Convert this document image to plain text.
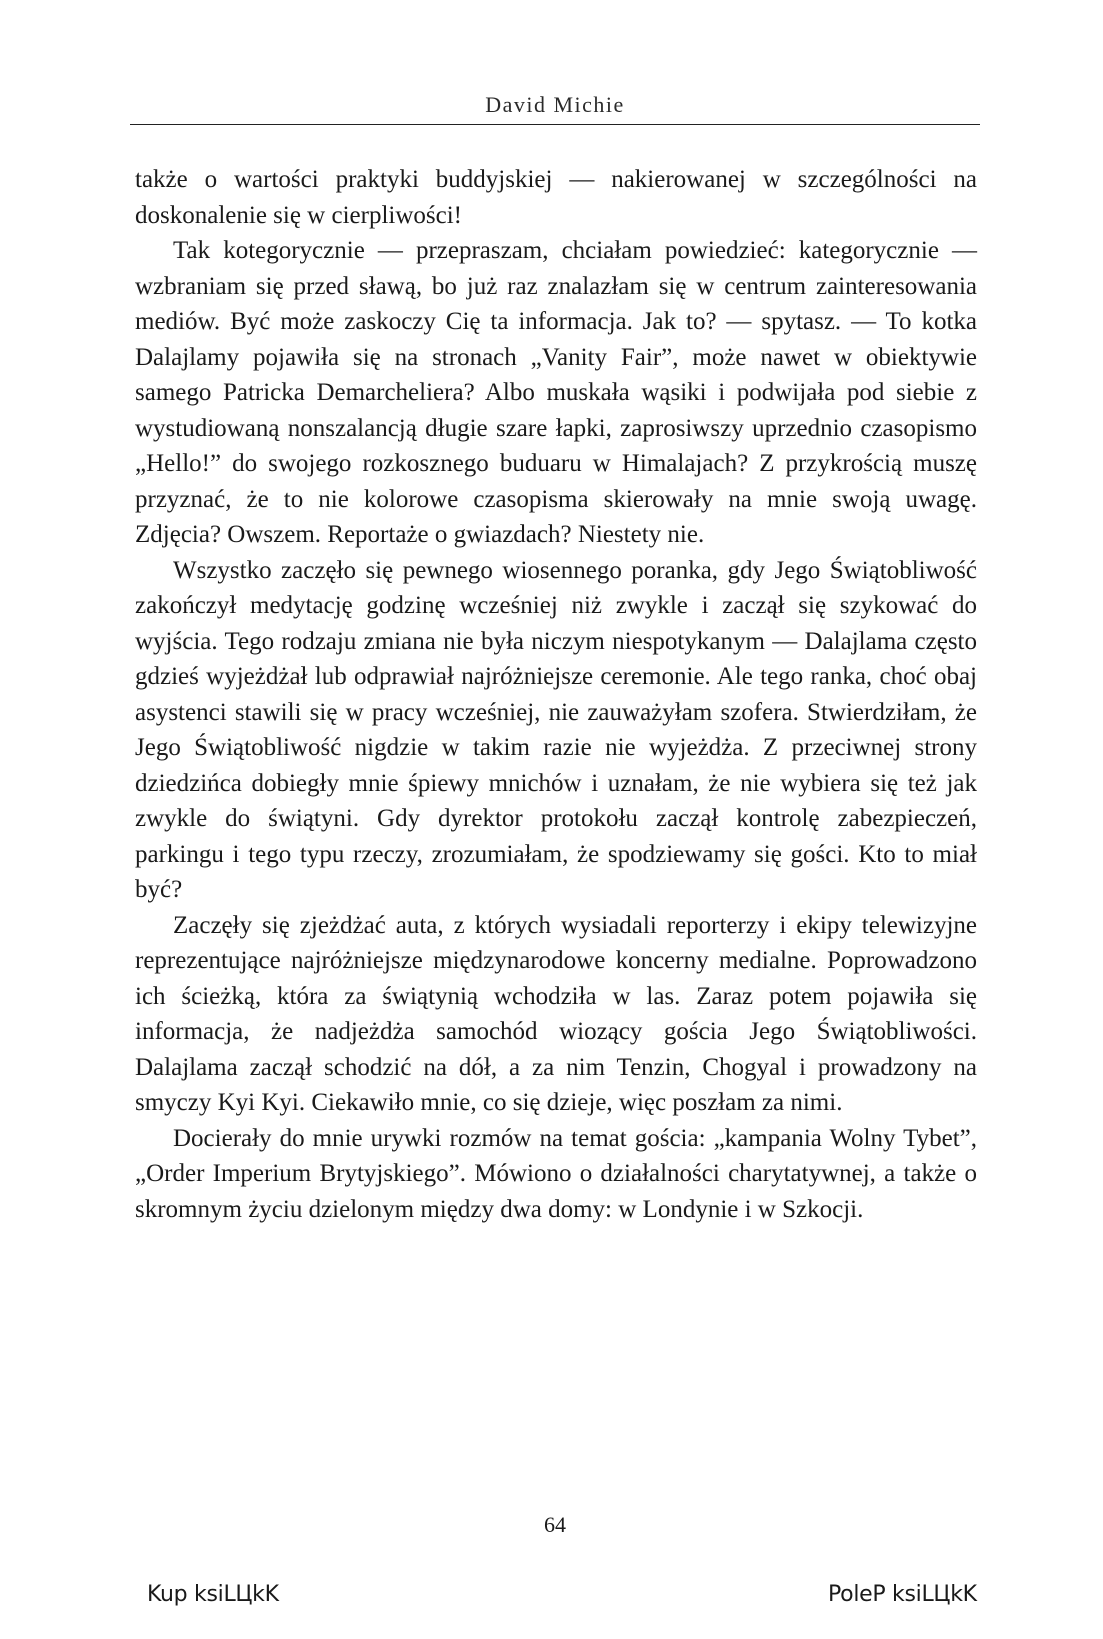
David Michie

także o wartości praktyki buddyjskiej — nakierowanej w szczególności na doskonalenie się w cierpliwości!

Tak kotegorycznie — przepraszam, chciałam powiedzieć: kategorycznie — wzbraniam się przed sławą, bo już raz znalazłam się w centrum zainteresowania mediów. Być może zaskoczy Cię ta informacja. Jak to? — spytasz. — To kotka Dalajlamy pojawiła się na stronach „Vanity Fair”, może nawet w obiektywie samego Patricka Demarcheliera? Albo muskała wąsiki i podwijała pod siebie z wystudiowaną nonszalancją długie szare łapki, zaprosiwszy uprzednio czasopismo „Hello!” do swojego rozkosznego buduaru w Himalajach? Z przykrością muszę przyznać, że to nie kolorowe czasopisma skierowały na mnie swoją uwagę. Zdjęcia? Owszem. Reportaże o gwiazdach? Niestety nie.

Wszystko zaczęło się pewnego wiosennego poranka, gdy Jego Świątobliwość zakończył medytację godzinę wcześniej niż zwykle i zaczął się szykować do wyjścia. Tego rodzaju zmiana nie była niczym niespotykanym — Dalajlama często gdzieś wyjeżdżał lub odprawiał najróżniejsze ceremonie. Ale tego ranka, choć obaj asystenci stawili się w pracy wcześniej, nie zauważyłam szofera. Stwierdziłam, że Jego Świątobliwość nigdzie w takim razie nie wyjeżdża. Z przeciwnej strony dziedzińca dobiegły mnie śpiewy mnichów i uznałam, że nie wybiera się też jak zwykle do świątyni. Gdy dyrektor protokołu zaczął kontrolę zabezpieczeń, parkingu i tego typu rzeczy, zrozumiałam, że spodziewamy się gości. Kto to miał być?

Zaczęły się zjeżdżać auta, z których wysiadali reporterzy i ekipy telewizyjne reprezentujące najróżniejsze międzynarodowe koncerny medialne. Poprowadzono ich ścieżką, która za świątynią wchodziła w las. Zaraz potem pojawiła się informacja, że nadjeżdża samochód wiozący gościa Jego Świątobliwości. Dalajlama zaczął schodzić na dół, a za nim Tenzin, Chogyal i prowadzony na smyczy Kyi Kyi. Ciekawiło mnie, co się dzieje, więc poszłam za nimi.

Docierały do mnie urywki rozmów na temat gościa: „kampania Wolny Tybet”, „Order Imperium Brytyjskiego”. Mówiono o działalności charytatywnej, a także o skromnym życiu dzielonym między dwa domy: w Londynie i w Szkocji.

64
Kup ksiLЦkK	PoleP ksiLЦkK
